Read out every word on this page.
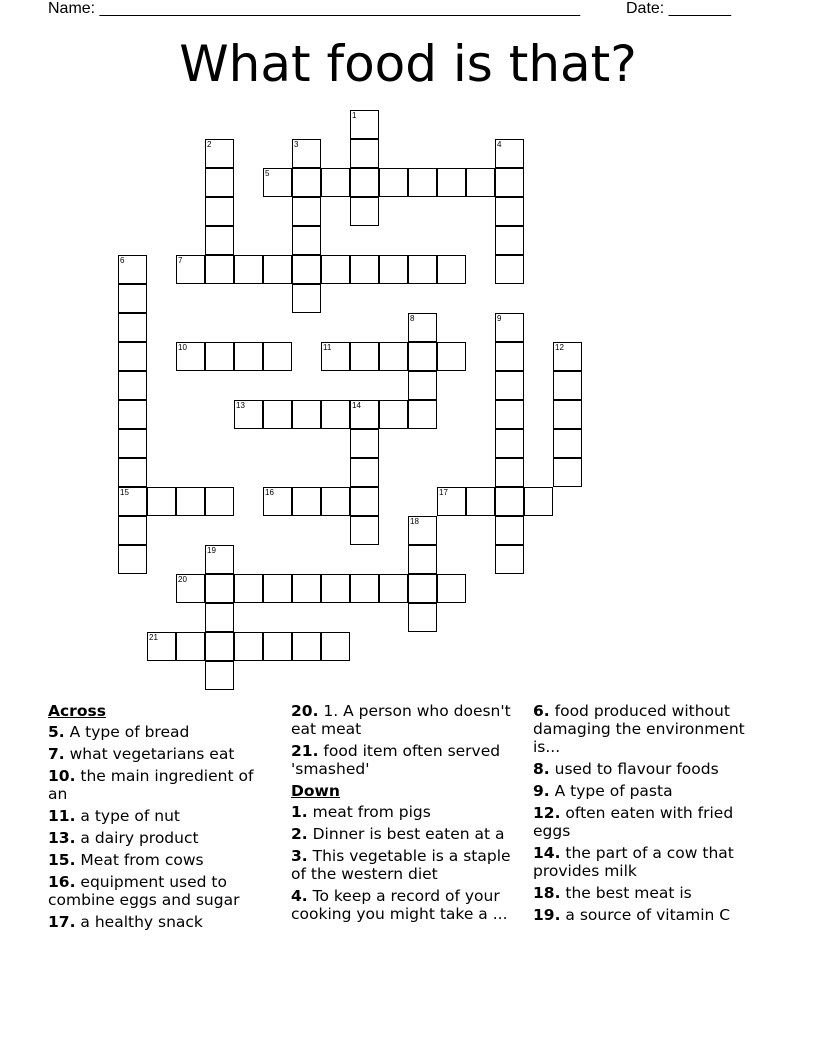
Name: ______________________________________________________	Date: _______
What food is that?
1
2	3	4
5
6	7
8	9
10	11	12
13	14
15	16	17
18
19
20
21
Across
5. A type of bread
7. what vegetarians eat
10. the main ingredient of an
11. a type of nut
13. a dairy product
15. Meat from cows
16. equipment used to combine eggs and sugar
17. a healthy snack
20. 1. A person who doesn't eat meat
21. food item often served 'smashed'
Down
1. meat from pigs
2. Dinner is best eaten at a
3. This vegetable is a staple of the western diet
4. To keep a record of your cooking you might take a ...
6. food produced without damaging the environment is...
8. used to flavour foods
9. A type of pasta
12. often eaten with fried eggs
14. the part of a cow that provides milk
18. the best meat is
19. a source of vitamin C
